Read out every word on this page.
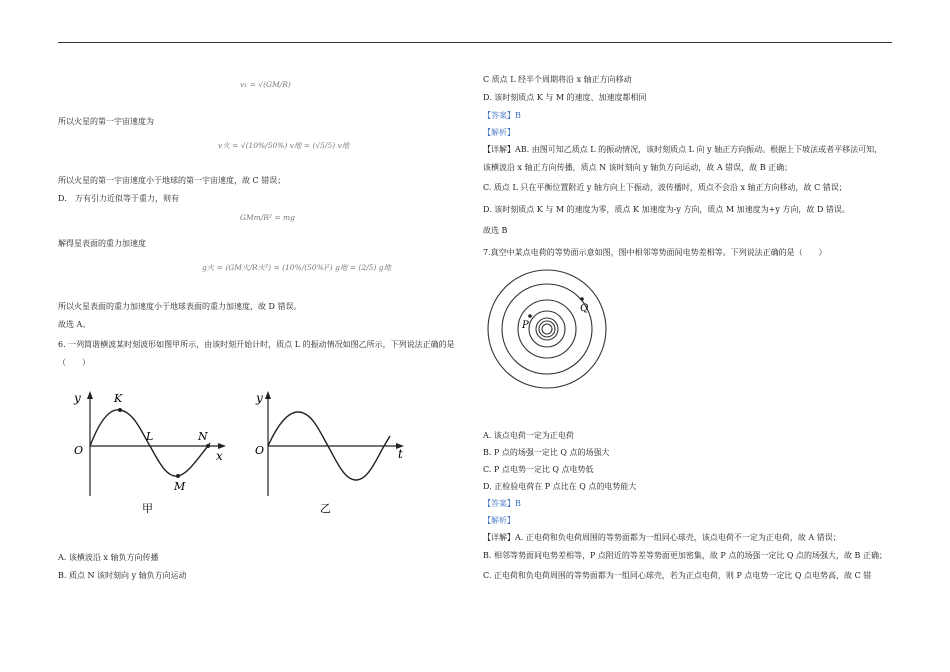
v₁ = √(GM/R)
所以火星的第一宇宙速度为
v火 = √(10%/50%) v地 = (√5/5) v地
所以火星的第一宇宙速度小于地球的第一宇宙速度，故 C 错误；
D． 万有引力近似等于重力，则有
GMm/R² = mg
解得星表面的重力加速度
g火 = (GM火/R火²) = (10%/(50%)²) g地 = (2/5) g地
所以火星表面的重力加速度小于地球表面的重力加速度，故 D 错误。
故选 A。
6. 一列简谐横波某时刻波形如图甲所示，由该时刻开始计时，质点 L 的振动情况如图乙所示，下列说法正确的是
（　　）
y	K
L	N
O	x
M
甲
y
O	t
乙
A. 该横波沿 x 轴负方向传播
B. 质点 N 该时刻向 y 轴负方向运动
C 质点 L 经半个周期将沿 x 轴正方向移动
D. 该时刻质点 K 与 M 的速度、加速度都相同
【答案】B
【解析】
【详解】AB. 由图可知乙质点 L 的振动情况，该时刻质点 L 向 y 轴正方向振动。根据上下坡法或者平移法可知，
该横波沿 x 轴正方向传播，质点 N 该时刻向 y 轴负方向运动，故 A 错误，故 B 正确；
C. 质点 L 只在平衡位置附近 y 轴方向上下振动，波传播时，质点不会沿 x 轴正方向移动，故 C 错误；
D. 该时刻质点 K 与 M 的速度为零，质点 K 加速度为-y 方向，质点 M 加速度为+y 方向，故 D 错误。
故选 B
7.真空中某点电荷的等势面示意如图，图中相邻等势面间电势差相等。下列说法正确的是（　　）
P
Q
A. 该点电荷一定为正电荷
B. P 点的场强一定比 Q 点的场强大
C. P 点电势一定比 Q 点电势低
D. 正检验电荷在 P 点比在 Q 点的电势能大
【答案】B
【解析】
【详解】A. 正电荷和负电荷周围的等势面都为一组同心球壳，该点电荷不一定为正电荷，故 A 错误；
B. 相邻等势面间电势差相等，P 点附近的等差等势面更加密集，故 P 点的场强一定比 Q 点的场强大，故 B 正确；
C. 正电荷和负电荷周围的等势面都为一组同心球壳，若为正点电荷，则 P 点电势一定比 Q 点电势高，故 C 错
